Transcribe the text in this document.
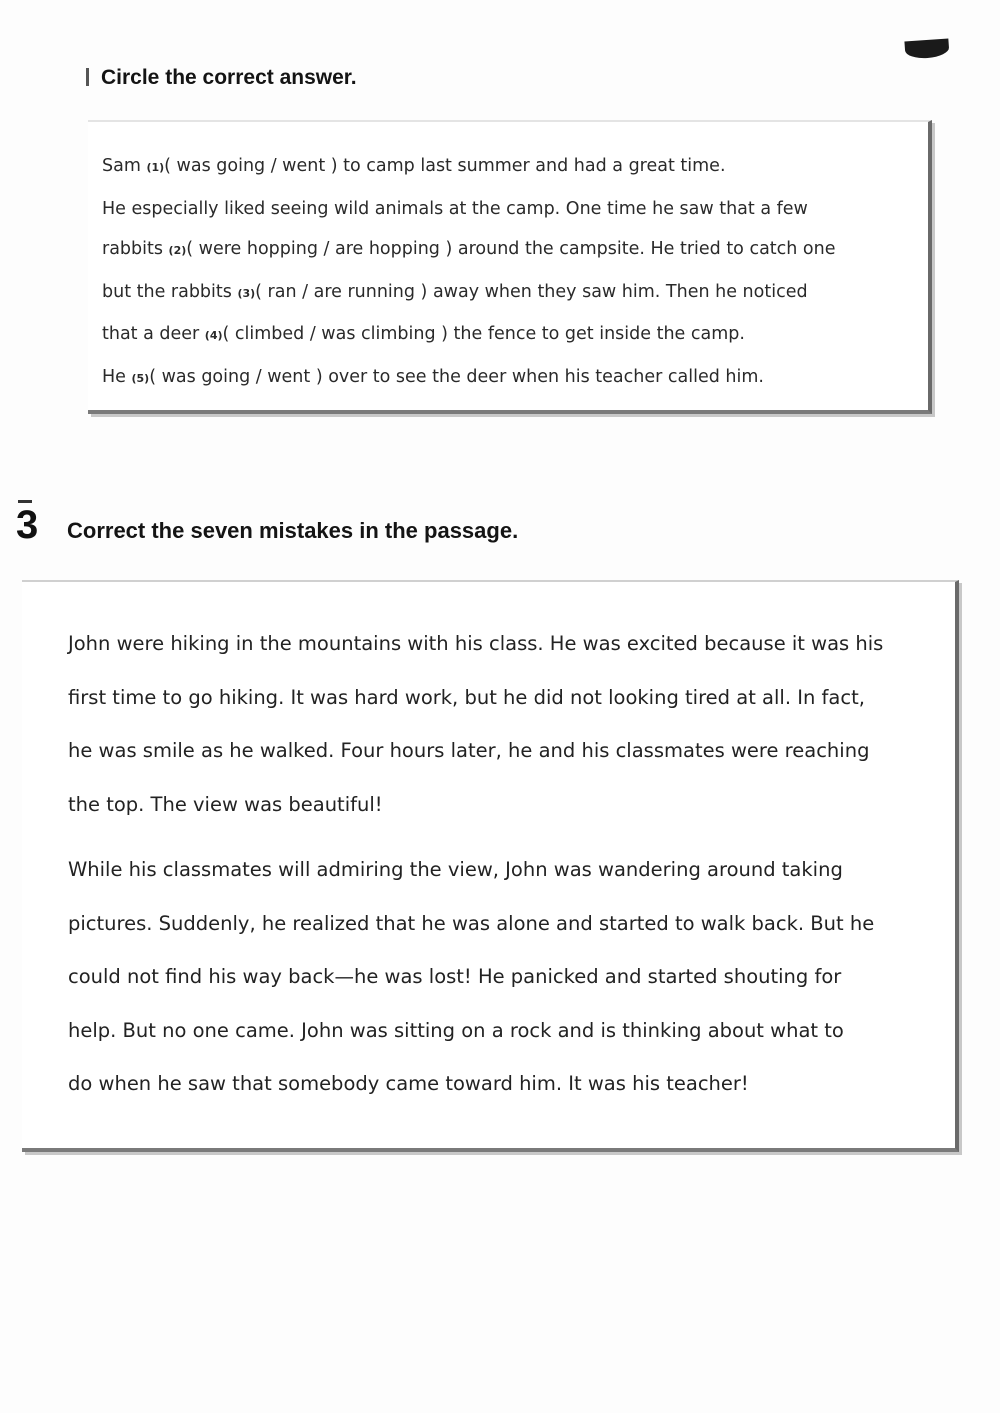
Circle the correct answer.
Sam (1)( was going / went ) to camp last summer and had a great time.
He especially liked seeing wild animals at the camp. One time he saw that a few
rabbits (2)( were hopping / are hopping ) around the campsite. He tried to catch one
but the rabbits (3)( ran / are running ) away when they saw him. Then he noticed
that a deer (4)( climbed / was climbing ) the fence to get inside the camp.
He (5)( was going / went ) over to see the deer when his teacher called him.
3	Correct the seven mistakes in the passage.
John were hiking in the mountains with his class. He was excited because it was his
first time to go hiking. It was hard work, but he did not looking tired at all. In fact,
he was smile as he walked. Four hours later, he and his classmates were reaching
the top. The view was beautiful!
While his classmates will admiring the view, John was wandering around taking
pictures. Suddenly, he realized that he was alone and started to walk back. But he
could not find his way back—he was lost! He panicked and started shouting for
help. But no one came. John was sitting on a rock and is thinking about what to
do when he saw that somebody came toward him. It was his teacher!
